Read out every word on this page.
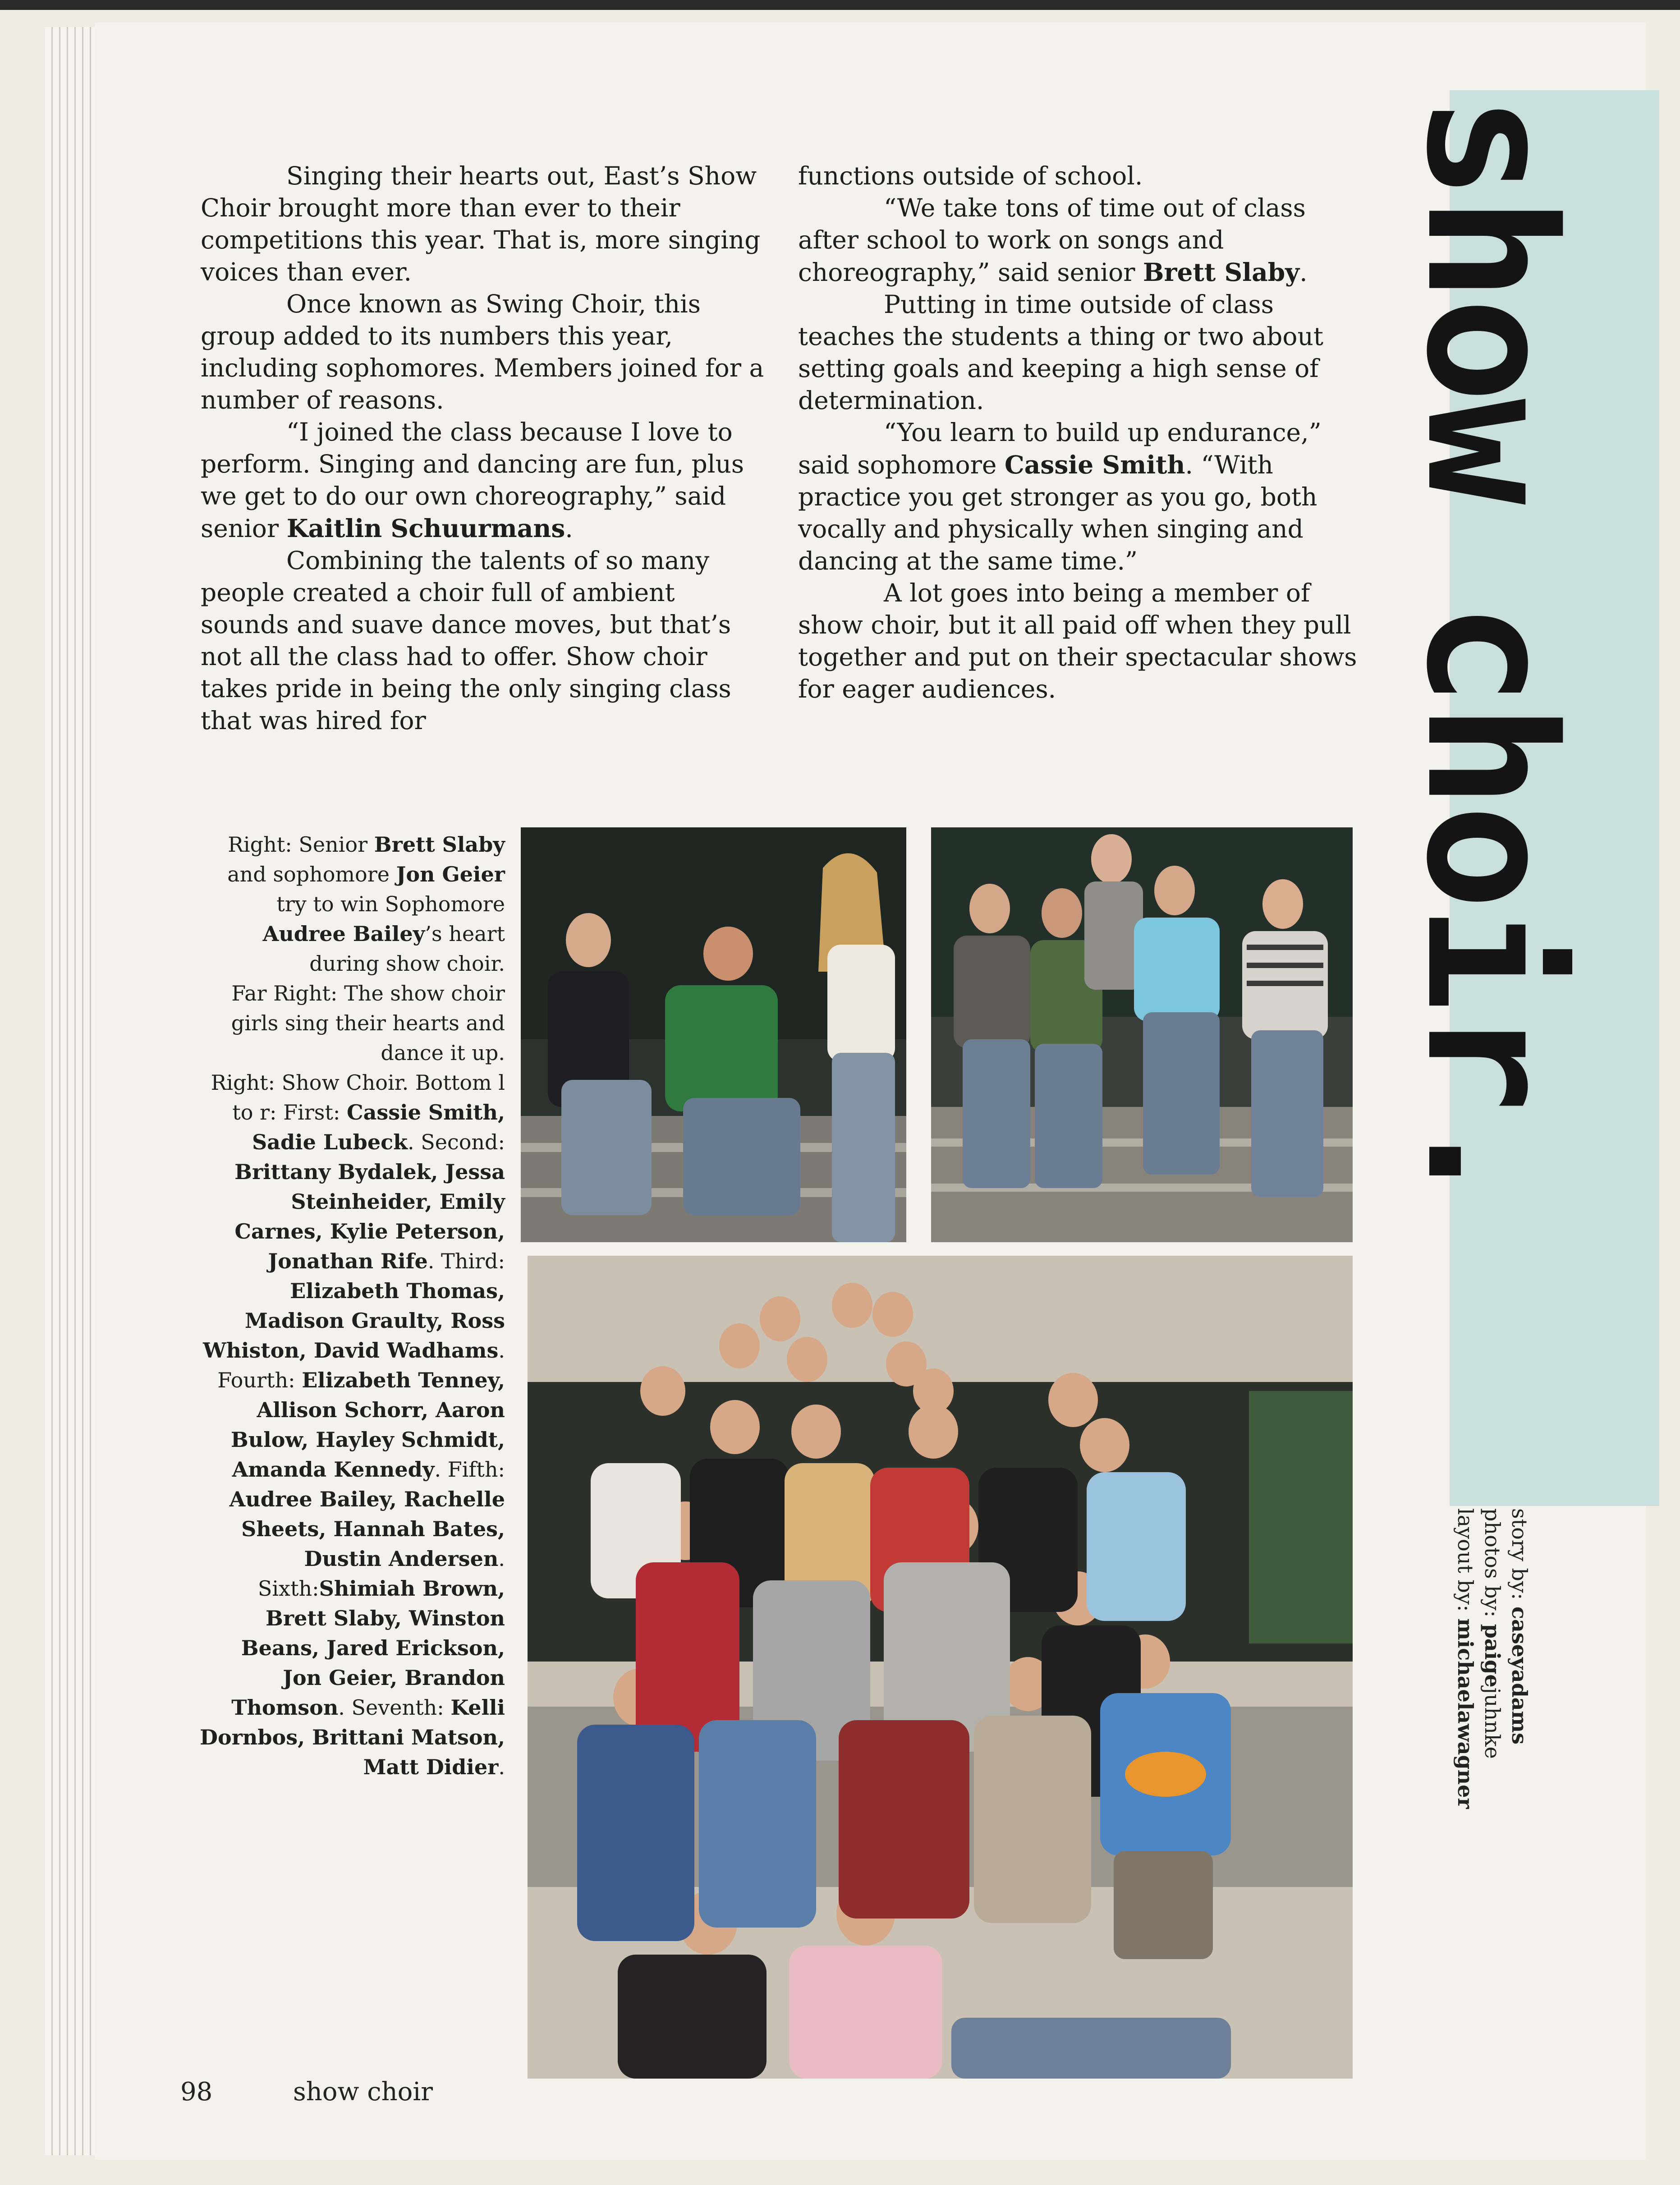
Singing their hearts out, East’s Show Choir brought more than ever to their competitions this year. That is, more singing voices than ever.

Once known as Swing Choir, this group added to its numbers this year, including sophomores. Members joined for a number of reasons.

“I joined the class because I love to perform. Singing and dancing are fun, plus we get to do our own choreography,” said senior Kaitlin Schuurmans.

Combining the talents of so many people created a choir full of ambient sounds and suave dance moves, but that’s not all the class had to offer. Show choir takes pride in being the only singing class that was hired for

functions outside of school.

“We take tons of time out of class after school to work on songs and choreography,” said senior Brett Slaby.

Putting in time outside of class teaches the students a thing or two about setting goals and keeping a high sense of determination.

“You learn to build up endurance,” said sophomore Cassie Smith. “With practice you get stronger as you go, both vocally and physically when singing and dancing at the same time.”

A lot goes into being a member of show choir, but it all paid off when they pull together and put on their spectacular shows for eager audiences.	show choir.
story by: caseyadams
photos by: paigejuhnke
layout by: michaelawagner
Right: Senior Brett Slaby and sophomore Jon Geier try to win Sophomore Audree Bailey’s heart during show choir.
Far Right: The show choir girls sing their hearts and dance it up.
Right: Show Choir. Bottom l to r: First: Cassie Smith, Sadie Lubeck. Second: Brittany Bydalek, Jessa Steinheider, Emily Carnes, Kylie Peterson, Jonathan Rife. Third: Elizabeth Thomas, Madison Graulty, Ross Whiston, David Wadhams. Fourth: Elizabeth Tenney, Allison Schorr, Aaron Bulow, Hayley Schmidt, Amanda Kennedy. Fifth: Audree Bailey, Rachelle Sheets, Hannah Bates, Dustin Andersen. Sixth:Shimiah Brown, Brett Slaby, Winston Beans, Jared Erickson, Jon Geier, Brandon Thomson. Seventh: Kelli Dornbos, Brittani Matson, Matt Didier.
98	show choir
